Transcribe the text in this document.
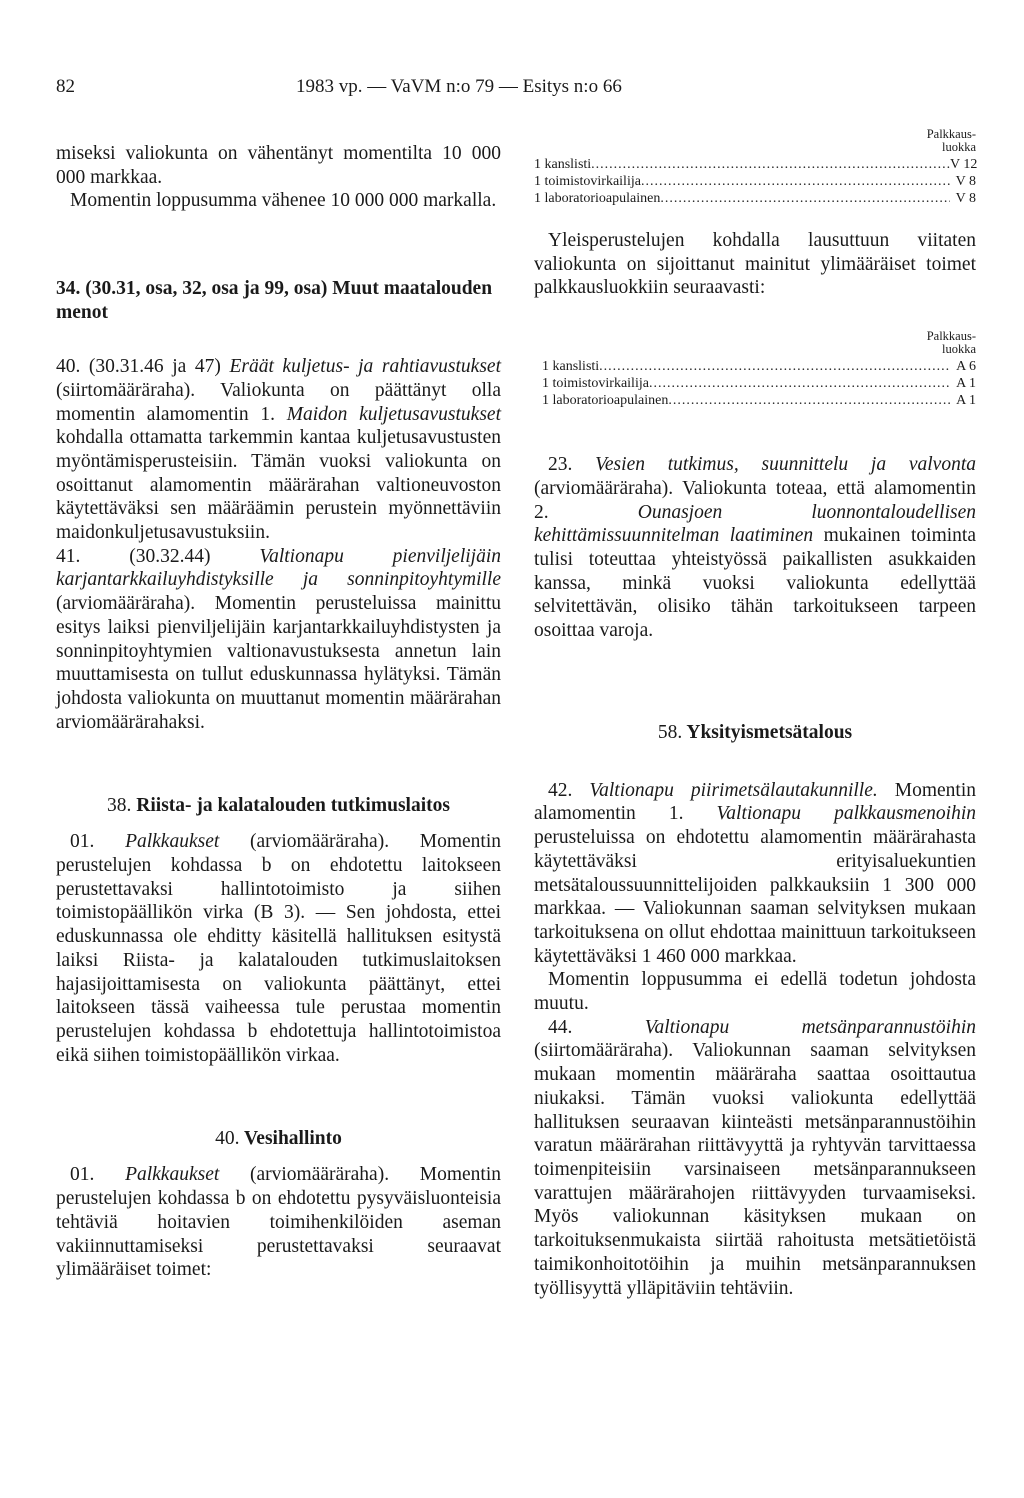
82	1983 vp. — VaVM n:o 79 — Esitys n:o 66

miseksi valiokunta on vähentänyt momentilta 10 000 000 markkaa.

Momentin loppusumma vähenee 10 000 000 markalla.

34. (30.31, osa, 32, osa ja 99, osa) Muut maatalouden menot

40. (30.31.46 ja 47) Eräät kuljetus- ja rahtiavustukset (siirtomääräraha). Valiokunta on päättänyt olla momentin alamomentin 1. Maidon kuljetusavustukset kohdalla ottamatta tarkemmin kantaa kuljetusavustusten myöntämisperusteisiin. Tämän vuoksi valiokunta on osoittanut alamomentin määrärahan valtioneuvoston käytettäväksi sen määräämin perustein myönnettäviin maidonkuljetusavustuksiin.

41. (30.32.44) Valtionapu pienviljelijäin karjantarkkailuyhdistyksille ja sonninpitoyhtymille (arviomääräraha). Momentin perusteluissa mainittu esitys laiksi pienviljelijäin karjantarkkailuyhdistysten ja sonninpitoyhtymien valtionavustuksesta annetun lain muuttamisesta on tullut eduskunnassa hylätyksi. Tämän johdosta valiokunta on muuttanut momentin määrärahan arviomäärärahaksi.

38. Riista- ja kalatalouden tutkimuslaitos

01. Palkkaukset (arviomääräraha). Momentin perustelujen kohdassa b on ehdotettu laitokseen perustettavaksi hallintotoimisto ja siihen toimistopäällikön virka (B 3). — Sen johdosta, ettei eduskunnassa ole ehditty käsitellä hallituksen esitystä laiksi Riista- ja kalatalouden tutkimuslaitoksen hajasijoittamisesta on valiokunta päättänyt, ettei laitokseen tässä vaiheessa tule perustaa momentin perustelujen kohdassa b ehdotettuja hallintotoimistoa eikä siihen toimistopäällikön virkaa.

40. Vesihallinto

01. Palkkaukset (arviomääräraha). Momentin perustelujen kohdassa b on ehdotettu pysyväisluonteisia tehtäviä hoitavien toimihenkilöiden aseman vakiinnuttamiseksi perustettavaksi seuraavat ylimääräiset toimet:

Palkkaus-
luokka
1 kanslisti .....	V 12
1 toimistovirkailija .....	V 8
1 laboratorioapulainen .....	V 8

Yleisperustelujen kohdalla lausuttuun viitaten valiokunta on sijoittanut mainitut ylimääräiset toimet palkkausluokkiin seuraavasti:

Palkkaus-
luokka
1 kanslisti .....	A 6
1 toimistovirkailija .....	A 1
1 laboratorioapulainen .....	A 1

23. Vesien tutkimus, suunnittelu ja valvonta (arviomääräraha). Valiokunta toteaa, että alamomentin 2. Ounasjoen luonnontaloudellisen kehittämissuunnitelman laatiminen mukainen toiminta tulisi toteuttaa yhteistyössä paikallisten asukkaiden kanssa, minkä vuoksi valiokunta edellyttää selvitettävän, olisiko tähän tarkoitukseen tarpeen osoittaa varoja.

58. Yksityismetsätalous

42. Valtionapu piirimetsälautakunnille. Momentin alamomentin 1. Valtionapu palkkausmenoihin perusteluissa on ehdotettu alamomentin määrärahasta käytettäväksi erityisaluekuntien metsätaloussuunnittelijoiden palkkauksiin 1 300 000 markkaa. — Valiokunnan saaman selvityksen mukaan tarkoituksena on ollut ehdottaa mainittuun tarkoitukseen käytettäväksi 1 460 000 markkaa.

Momentin loppusumma ei edellä todetun johdosta muutu.

44. Valtionapu metsänparannustöihin (siirtomääräraha). Valiokunnan saaman selvityksen mukaan momentin määräraha saattaa osoittautua niukaksi. Tämän vuoksi valiokunta edellyttää hallituksen seuraavan kiinteästi metsänparannustöihin varatun määrärahan riittävyyttä ja ryhtyvän tarvittaessa toimenpiteisiin varsinaiseen metsänparannukseen varattujen määrärahojen riittävyyden turvaamiseksi. Myös valiokunnan käsityksen mukaan on tarkoituksenmukaista siirtää rahoitusta metsätietöistä taimikonhoitotöihin ja muihin metsänparannuksen työllisyyttä ylläpitäviin tehtäviin.
